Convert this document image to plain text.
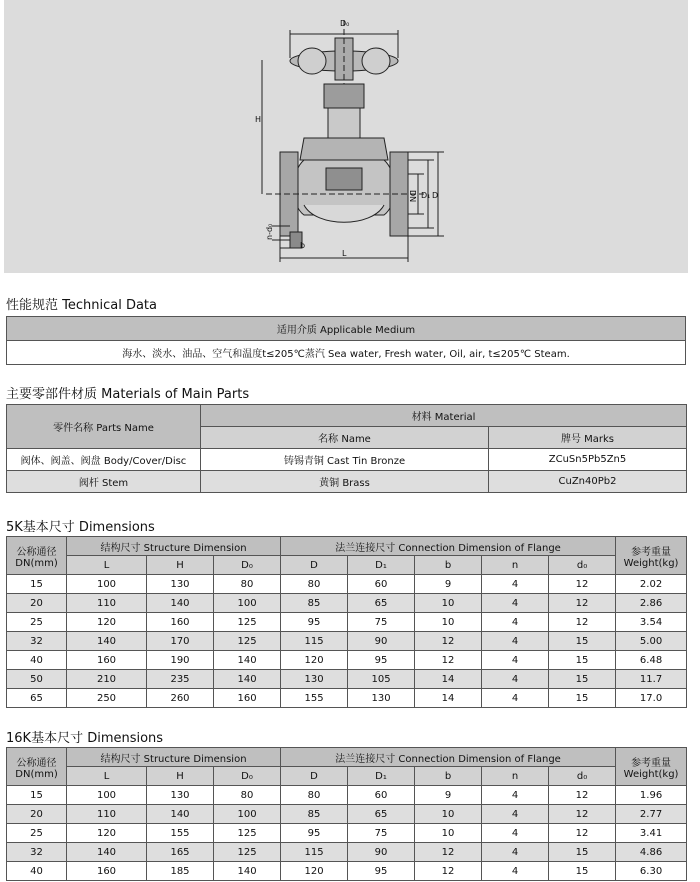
D₀
H
DN D₁ D
n-d₀
b
L
性能规范 Technical Data
适用介质 Applicable Medium
海水、淡水、油品、空气和温度t≤205℃蒸汽 Sea water, Fresh water, Oil, air, t≤205℃ Steam.
主要零部件材质 Materials of Main Parts
零件名称 Parts Name	材料 Material	
	名称 Name	牌号 Marks
阀体、阀盖、阀盘 Body/Cover/Disc	铸锡青铜 Cast Tin Bronze	ZCuSn5Pb5Zn5
阀杆 Stem	黄铜 Brass	CuZn40Pb2
5K基本尺寸 Dimensions
公称通径
DN(mm)	结构尺寸 Structure Dimension			法兰连接尺寸 Connection Dimension of Flange					参考重量
Weight(kg)
	L	H	D₀	D	D₁	b	n	d₀	
15	100	130	80	80	60	9	4	12	2.02
20	110	140	100	85	65	10	4	12	2.86
25	120	160	125	95	75	10	4	12	3.54
32	140	170	125	115	90	12	4	15	5.00
40	160	190	140	120	95	12	4	15	6.48
50	210	235	140	130	105	14	4	15	11.7
65	250	260	160	155	130	14	4	15	17.0
16K基本尺寸 Dimensions
公称通径
DN(mm)	结构尺寸 Structure Dimension			法兰连接尺寸 Connection Dimension of Flange					参考重量
Weight(kg)
	L	H	D₀	D	D₁	b	n	d₀	
15	100	130	80	80	60	9	4	12	1.96
20	110	140	100	85	65	10	4	12	2.77
25	120	155	125	95	75	10	4	12	3.41
32	140	165	125	115	90	12	4	15	4.86
40	160	185	140	120	95	12	4	15	6.30
